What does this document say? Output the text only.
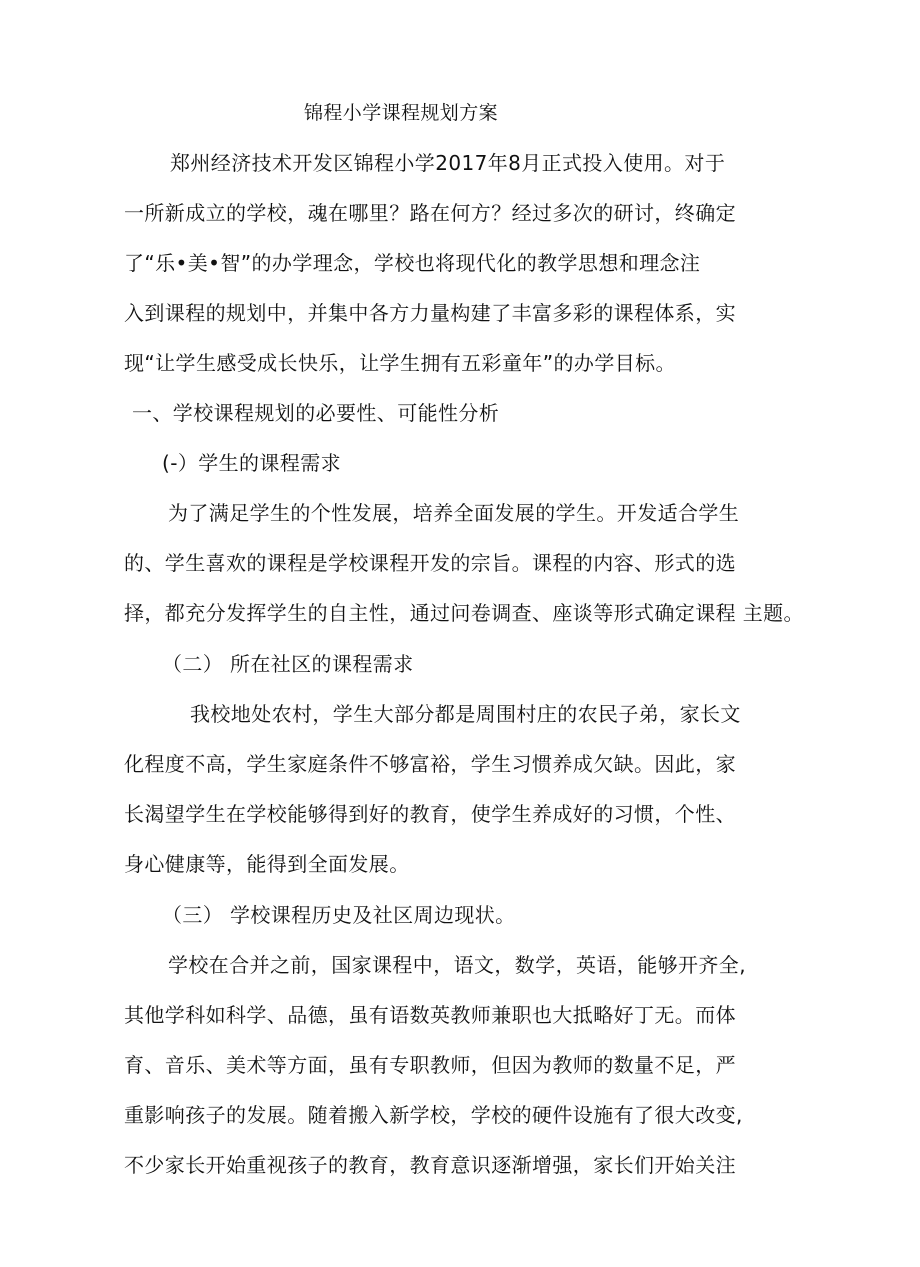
锦程小学课程规划方案
郑州经济技术开发区锦程小学2017年8月正式投入使用。对于
一所新成立的学校，魂在哪里？路在何方？经过多次的研讨，终确定
了“乐•美•智”的办学理念，学校也将现代化的教学思想和理念注
入到课程的规划中，并集中各方力量构建了丰富多彩的课程体系，实
现“让学生感受成长快乐，让学生拥有五彩童年”的办学目标。
一、学校课程规划的必要性、可能性分析
(-）学生的课程需求
为了满足学生的个性发展，培养全面发展的学生。开发适合学生
的、学生喜欢的课程是学校课程开发的宗旨。课程的内容、形式的选
择，都充分发挥学生的自主性，通过问卷调查、座谈等形式确定课程 主题。
（二） 所在社区的课程需求
我校地处农村，学生大部分都是周围村庄的农民子弟，家长文
化程度不高，学生家庭条件不够富裕，学生习惯养成欠缺。因此，家
长渴望学生在学校能够得到好的教育，使学生养成好的习惯，个性、
身心健康等，能得到全面发展。
（三） 学校课程历史及社区周边现状。
学校在合并之前，国家课程中，语文，数学，英语，能够开齐全,
其他学科如科学、品德，虽有语数英教师兼职也大抵略好丁无。而体
育、音乐、美术等方面，虽有专职教师，但因为教师的数量不足，严
重影响孩子的发展。随着搬入新学校，学校的硬件设施有了很大改变,
不少家长开始重视孩子的教育，教育意识逐渐增强，家长们开始关注
